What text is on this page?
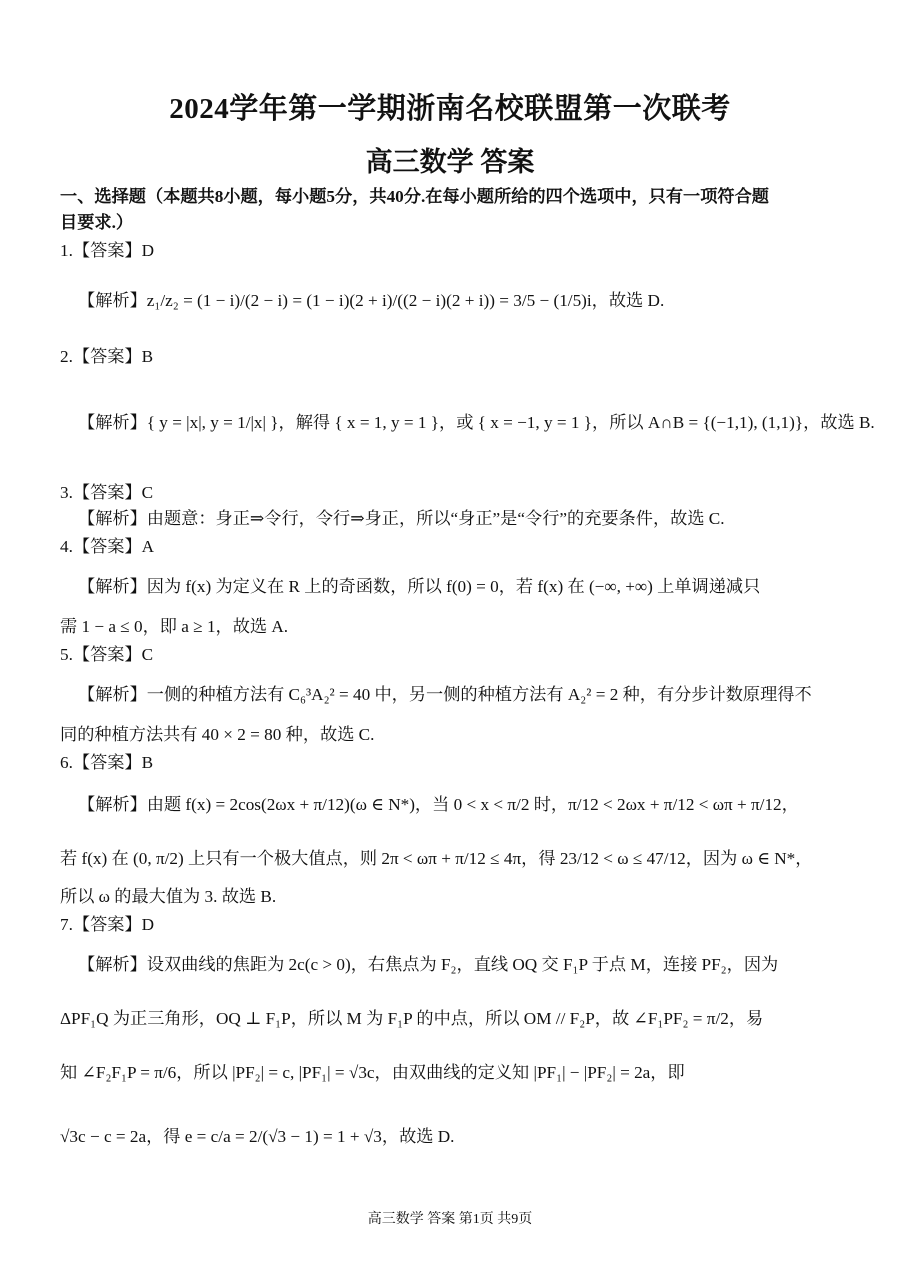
2024学年第一学期浙南名校联盟第一次联考
高三数学 答案
一、选择题（本题共8小题，每小题5分，共40分.在每小题所给的四个选项中，只有一项符合题
目要求.）
1.【答案】D
【解析】z₁/z₂ = (1 − i)/(2 − i) = (1 − i)(2 + i)/((2 − i)(2 + i)) = 3/5 − (1/5)i，故选 D.
2.【答案】B
【解析】{ y = |x|, y = 1/|x| }，解得 { x = 1, y = 1 }，或 { x = −1, y = 1 }，所以 A∩B = {(−1,1), (1,1)}，故选 B.
3.【答案】C
【解析】由题意：身正⇒令行，令行⇒身正，所以“身正”是“令行”的充要条件，故选 C.
4.【答案】A
【解析】因为 f(x) 为定义在 R 上的奇函数，所以 f(0) = 0，若 f(x) 在 (−∞, +∞) 上单调递减只
需 1 − a ≤ 0，即 a ≥ 1，故选 A.
5.【答案】C
【解析】一侧的种植方法有 C₆³A₂² = 40 中，另一侧的种植方法有 A₂² = 2 种，有分步计数原理得不
同的种植方法共有 40 × 2 = 80 种，故选 C.
6.【答案】B
【解析】由题 f(x) = 2cos(2ωx + π/12)(ω ∈ N*)，当 0 < x < π/2 时，π/12 < 2ωx + π/12 < ωπ + π/12，
若 f(x) 在 (0, π/2) 上只有一个极大值点，则 2π < ωπ + π/12 ≤ 4π，得 23/12 < ω ≤ 47/12，因为 ω ∈ N*，
所以 ω 的最大值为 3. 故选 B.
7.【答案】D
【解析】设双曲线的焦距为 2c(c > 0)，右焦点为 F₂，直线 OQ 交 F₁P 于点 M，连接 PF₂，因为
ΔPF₁Q 为正三角形，OQ ⊥ F₁P，所以 M 为 F₁P 的中点，所以 OM // F₂P，故 ∠F₁PF₂ = π/2，易
知 ∠F₂F₁P = π/6，所以 |PF₂| = c, |PF₁| = √3c，由双曲线的定义知 |PF₁| − |PF₂| = 2a，即
√3c − c = 2a，得 e = c/a = 2/(√3 − 1) = 1 + √3，故选 D.
高三数学 答案 第1页 共9页
